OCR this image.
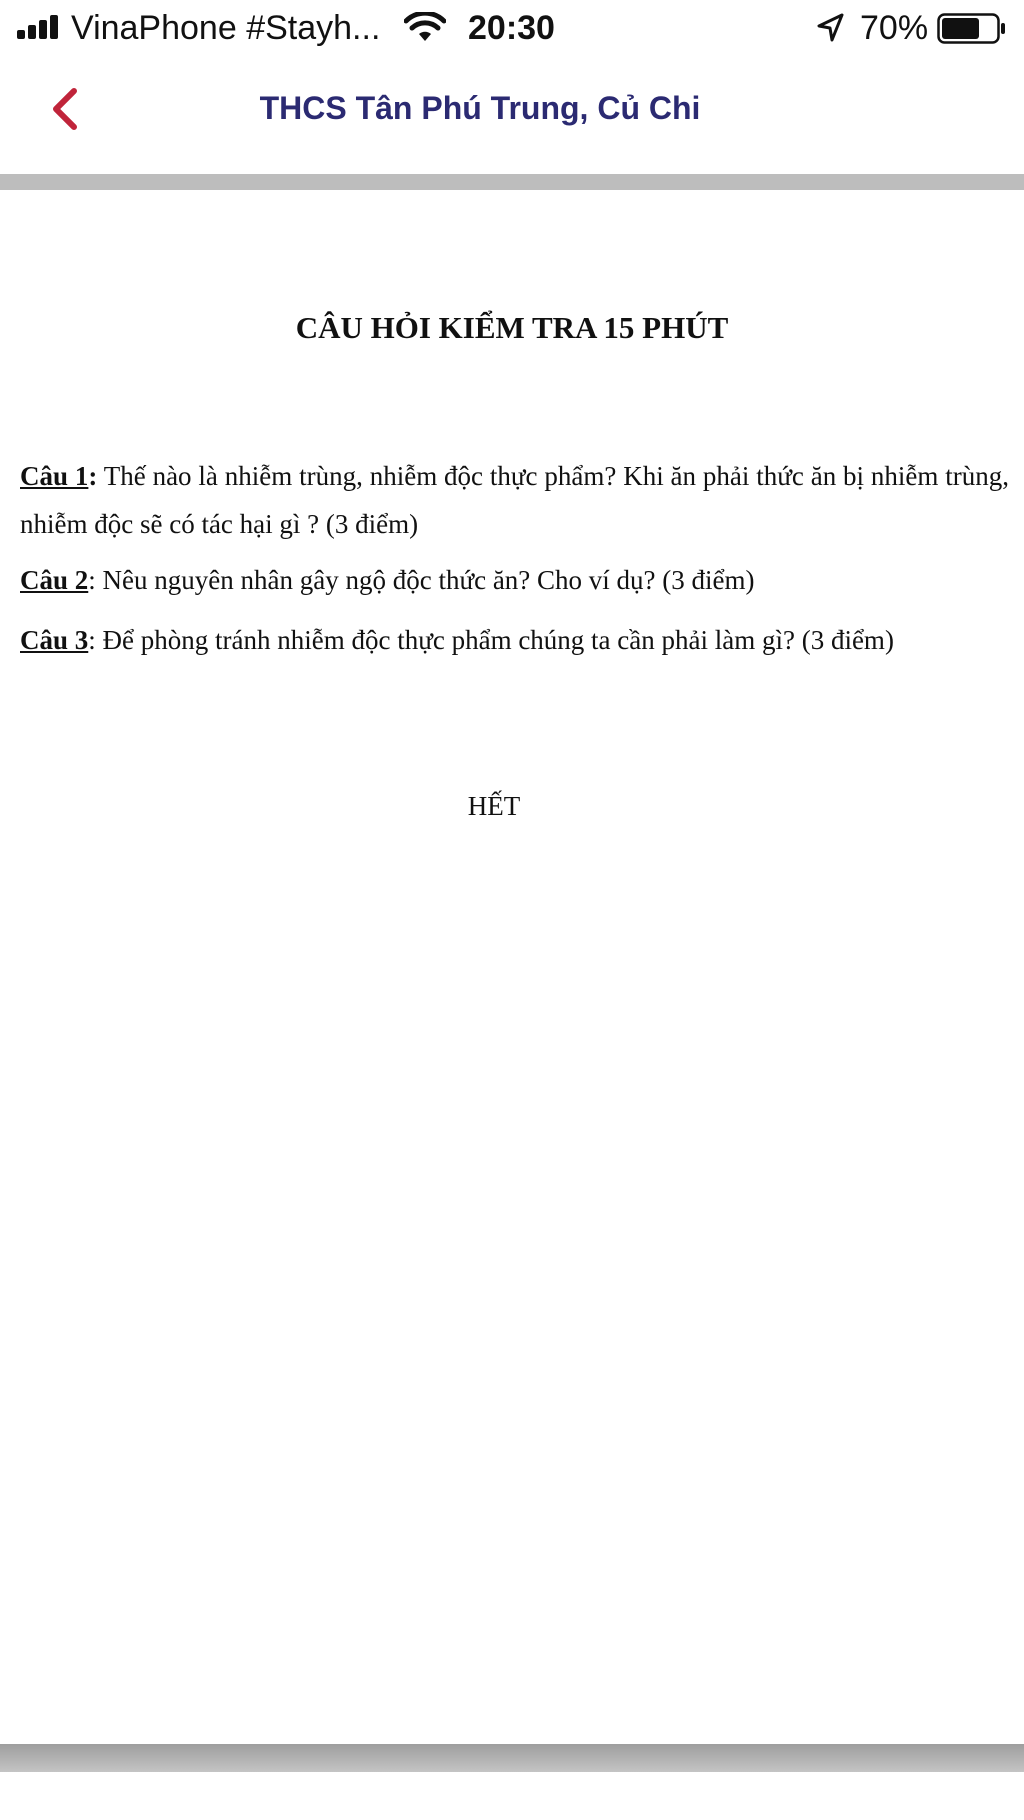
VinaPhone #Stayh...	20:30	70%
THCS Tân Phú Trung, Củ Chi
CÂU HỎI KIỂM TRA 15 PHÚT
Câu 1: Thế nào là nhiễm trùng, nhiễm độc thực phẩm? Khi ăn phải thức ăn bị nhiễm trùng, nhiễm độc sẽ có tác hại gì ? (3 điểm)
Câu 2: Nêu nguyên nhân gây ngộ độc thức ăn? Cho ví dụ? (3 điểm)
Câu 3: Để phòng tránh nhiễm độc thực phẩm chúng ta cần phải làm gì? (3 điểm)
HẾT
